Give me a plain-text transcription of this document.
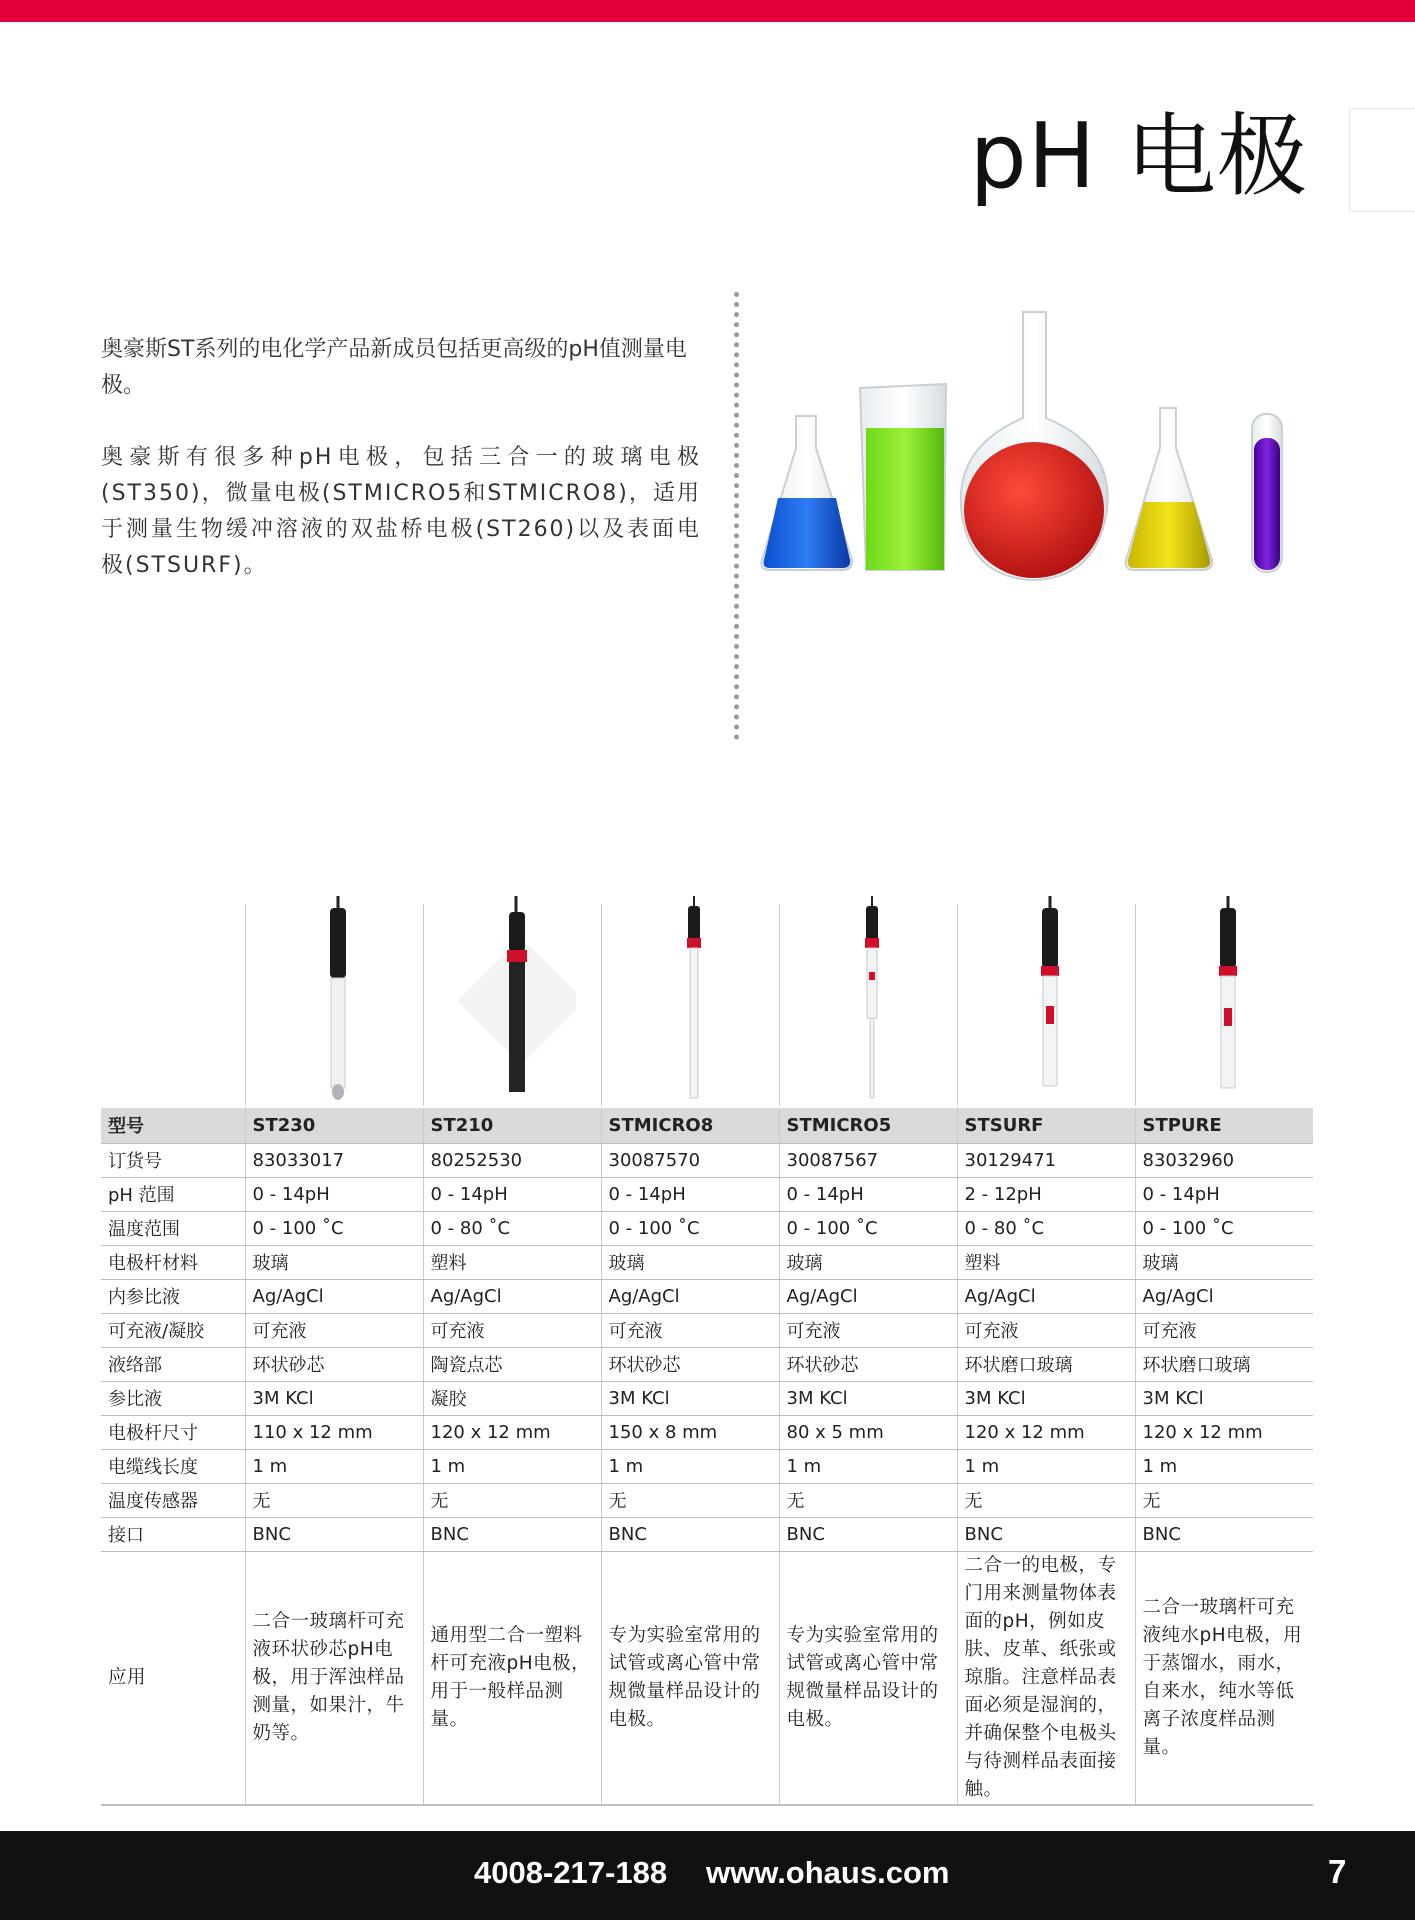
pH 电极

奥豪斯ST系列的电化学产品新成员包括更高级的pH值测量电极。

奥豪斯有很多种pH电极，包括三合一的玻璃电极(ST350)，微量电极(STMICRO5和STMICRO8)，适用于测量生物缓冲溶液的双盐桥电极(ST260)以及表面电极(STSURF)。

型号	ST230	ST210	STMICRO8	STMICRO5	STSURF	STPURE
订货号	83033017	80252530	30087570	30087567	30129471	83032960
pH 范围	0 - 14pH	0 - 14pH	0 - 14pH	0 - 14pH	2 - 12pH	0 - 14pH
温度范围	0 - 100 ˚C	0 - 80 ˚C	0 - 100 ˚C	0 - 100 ˚C	0 - 80 ˚C	0 - 100 ˚C
电极杆材料	玻璃	塑料	玻璃	玻璃	塑料	玻璃
内参比液	Ag/AgCl	Ag/AgCl	Ag/AgCl	Ag/AgCl	Ag/AgCl	Ag/AgCl
可充液/凝胶	可充液	可充液	可充液	可充液	可充液	可充液
液络部	环状砂芯	陶瓷点芯	环状砂芯	环状砂芯	环状磨口玻璃	环状磨口玻璃
参比液	3M KCl	凝胶	3M KCl	3M KCl	3M KCl	3M KCl
电极杆尺寸	110 x 12 mm	120 x 12 mm	150 x 8 mm	80 x 5 mm	120 x 12 mm	120 x 12 mm
电缆线长度	1 m	1 m	1 m	1 m	1 m	1 m
温度传感器	无	无	无	无	无	无
接口	BNC	BNC	BNC	BNC	BNC	BNC
应用	二合一玻璃杆可充液环状砂芯pH电极，用于浑浊样品测量，如果汁，牛奶等。	通用型二合一塑料杆可充液pH电极，用于一般样品测量。	专为实验室常用的试管或离心管中常规微量样品设计的电极。	专为实验室常用的试管或离心管中常规微量样品设计的电极。	二合一的电极，专门用来测量物体表面的pH，例如皮肤、皮革、纸张或琼脂。注意样品表面必须是湿润的，并确保整个电极头与待测样品表面接触。	二合一玻璃杆可充液纯水pH电极，用于蒸馏水，雨水，自来水，纯水等低离子浓度样品测量。
4008-217-188 www.ohaus.com	7
